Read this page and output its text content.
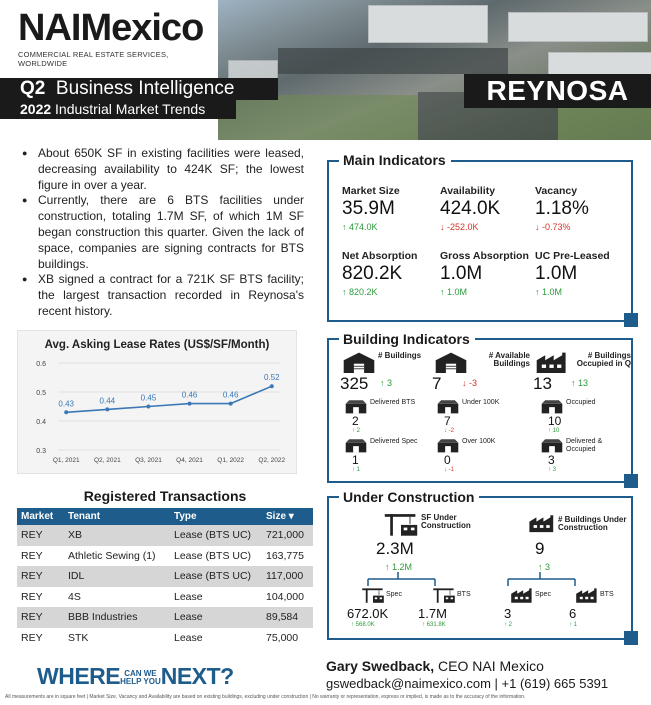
NAIMexico
COMMERCIAL REAL ESTATE SERVICES, WORLDWIDE
Q2 Business Intelligence
2022 Industrial Market Trends
REYNOSA
● About 650K SF in existing facilities were leased, decreasing availability to 424K SF; the lowest figure in over a year.
● Currently, there are 6 BTS facilities under construction, totaling 1.7M SF, of which 1M SF began construction this quarter. Given the lack of space, companies are signing contracts for BTS buildings.
● XB signed a contract for a 721K SF BTS facility; the largest transaction recorded in Reynosa's recent history.
Avg. Asking Lease Rates (US$/SF/Month)
0.6
0.5
0.4
0.3
0.43
Q1, 2021
0.44
Q2, 2021
0.45
Q3, 2021
0.46
Q4, 2021
0.46
Q1, 2022
0.52
Q2, 2022
Registered Transactions
Market	Tenant	Type	Size ▾
REY	XB	Lease (BTS UC)	721,000
REY	Athletic Sewing (1)	Lease (BTS UC)	163,775
REY	IDL	Lease (BTS UC)	117,000
REY	4S	Lease	104,000
REY	BBB Industries	Lease	89,584
REY	STK	Lease	75,000
Main Indicators
Market Size
35.9M
↑ 474.0K
Availability
424.0K
↓ -252.0K
Vacancy
1.18%
↓ -0.73%
Net Absorption
820.2K
↑ 820.2K
Gross Absorption
1.0M
↑ 1.0M
UC Pre-Leased
1.0M
↑ 1.0M
Building Indicators
# Buildings
325 ↑ 3
# Available Buildings
7 ↓ -3
# Buildings Occupied in Q
13 ↑ 13
Delivered BTS
2
↑ 2
Under 100K
7
↓ -2
Occupied
10
↑ 10
Delivered Spec
1
↑ 1
Over 100K
0
↓ -1
Delivered & Occupied
3
↑ 3
Under Construction
SF Under Construction
2.3M
↑ 1.2M
# Buildings Under Construction
9
↑ 3
Spec
672.0K
↑ 568.0K
BTS
1.7M
↑ 631.8K
Spec
3
↑ 2
BTS
6
↑ 1
WHERE CAN WE
HELP YOUNEXT?	Gary Swedback, CEO NAI Mexico
gswedback@naimexico.com | +1 (619) 665 5391
All measurements are in square feet | Market Size, Vacancy and Availability are based on existing buildings, excluding under construction | No warranty or representation, express or implied, is made as to the accuracy of the information.
